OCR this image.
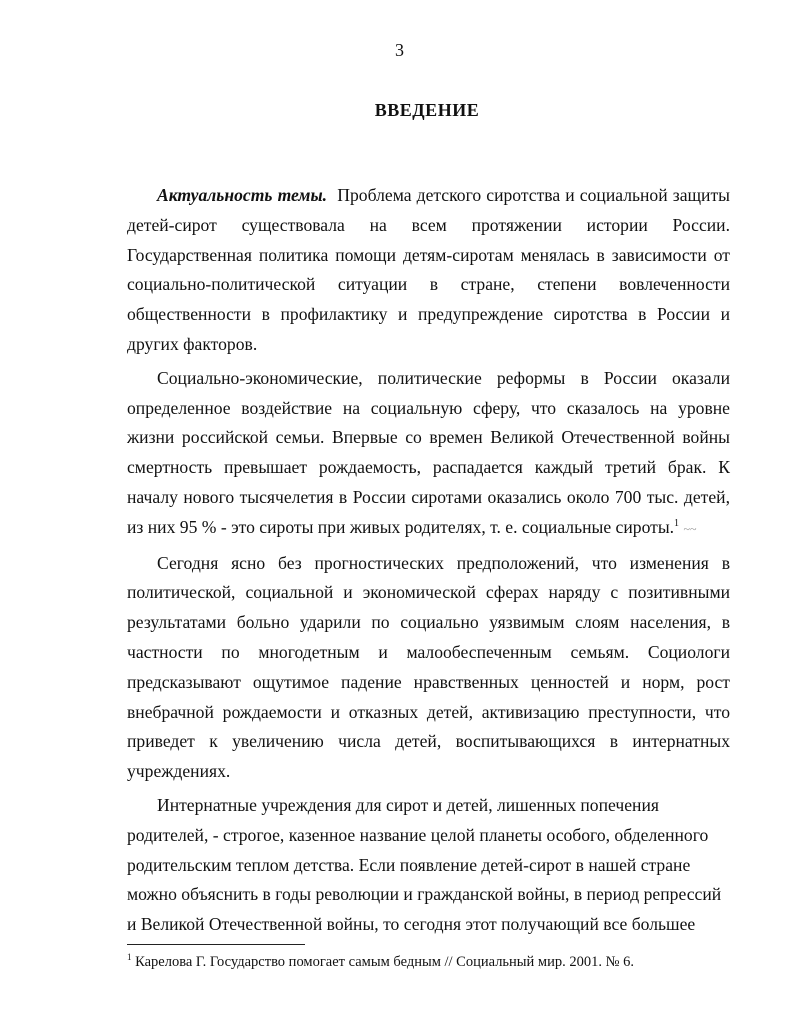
3
ВВЕДЕНИЕ

Актуальность темы. Проблема детского сиротства и социальной защиты детей-сирот существовала на всем протяжении истории России. Государственная политика помощи детям-сиротам менялась в зависимости от социально-политической ситуации в стране, степени вовлеченности общественности в профилактику и предупреждение сиротства в России и других факторов.

Социально-экономические, политические реформы в России оказали определенное воздействие на социальную сферу, что сказалось на уровне жизни российской семьи. Впервые со времен Великой Отечественной войны смертность превышает рождаемость, распадается каждый третий брак. К началу нового тысячелетия в России сиротами оказались около 700 тыс. детей, из них 95 % - это сироты при живых родителях, т. е. социальные сироты.$^1$ ~~

Сегодня ясно без прогностических предположений, что изменения в политической, социальной и экономической сферах наряду с позитивными результатами больно ударили по социально уязвимым слоям населения, в частности по многодетным и малообеспеченным семьям. Социологи предсказывают ощутимое падение нравственных ценностей и норм, рост внебрачной рождаемости и отказных детей, активизацию преступности, что приведет к увеличению числа детей, воспитывающихся в интернатных учреждениях.

Интернатные учреждения для сирот и детей, лишенных попечения родителей, - строгое, казенное название целой планеты особого, обделенного родительским теплом детства. Если появление детей-сирот в нашей стране можно объяснить в годы революции и гражданской войны, в период репрессий и Великой Отечественной войны, то сегодня этот получающий все большее

$^1$ Карелова Г. Государство помогает самым бедным // Социальный мир. 2001. № 6.
